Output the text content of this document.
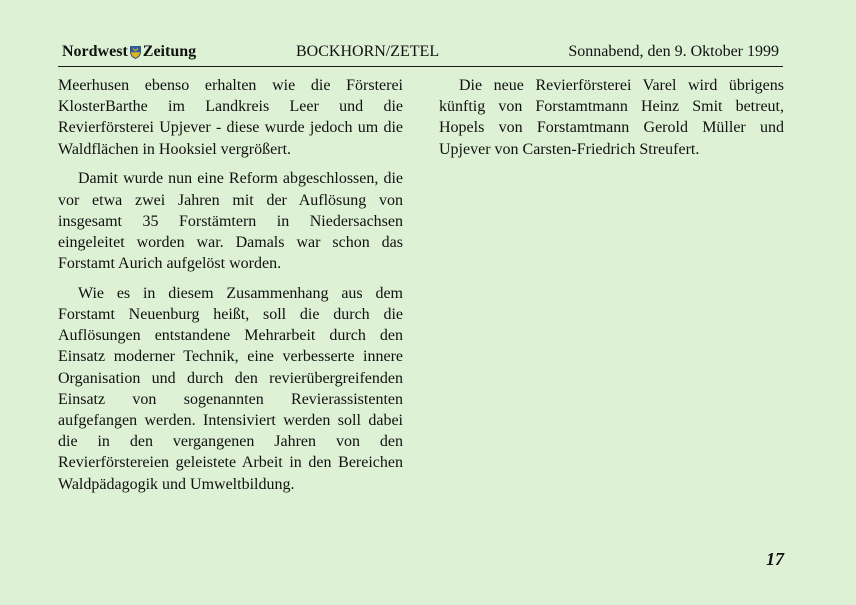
Nordwest Zeitung	BOCKHORN/ZETEL	Sonnabend, den 9. Oktober 1999

Meerhusen ebenso erhalten wie die Försterei KlosterBarthe im Landkreis Leer und die Revierförsterei Upjever - diese wurde jedoch um die Waldflächen in Hooksiel vergrößert.

Damit wurde nun eine Reform abgeschlossen, die vor etwa zwei Jahren mit der Auflösung von insgesamt 35 Forstämtern in Niedersachsen eingeleitet worden war. Damals war schon das Forstamt Aurich aufgelöst worden.

Wie es in diesem Zusammenhang aus dem Forstamt Neuenburg heißt, soll die durch die Auflösungen entstandene Mehrarbeit durch den Einsatz moderner Technik, eine verbesserte innere Organisation und durch den revierübergreifenden Einsatz von sogenannten Revierassistenten aufgefangen werden. Intensiviert werden soll dabei die in den vergangenen Jahren von den Revierförstereien geleistete Arbeit in den Bereichen Waldpädagogik und Umweltbildung.

Die neue Revierförsterei Varel wird übrigens künftig von Forstamtmann Heinz Smit betreut, Hopels von Forstamtmann Gerold Müller und Upjever von Carsten-Friedrich Streufert.

17
